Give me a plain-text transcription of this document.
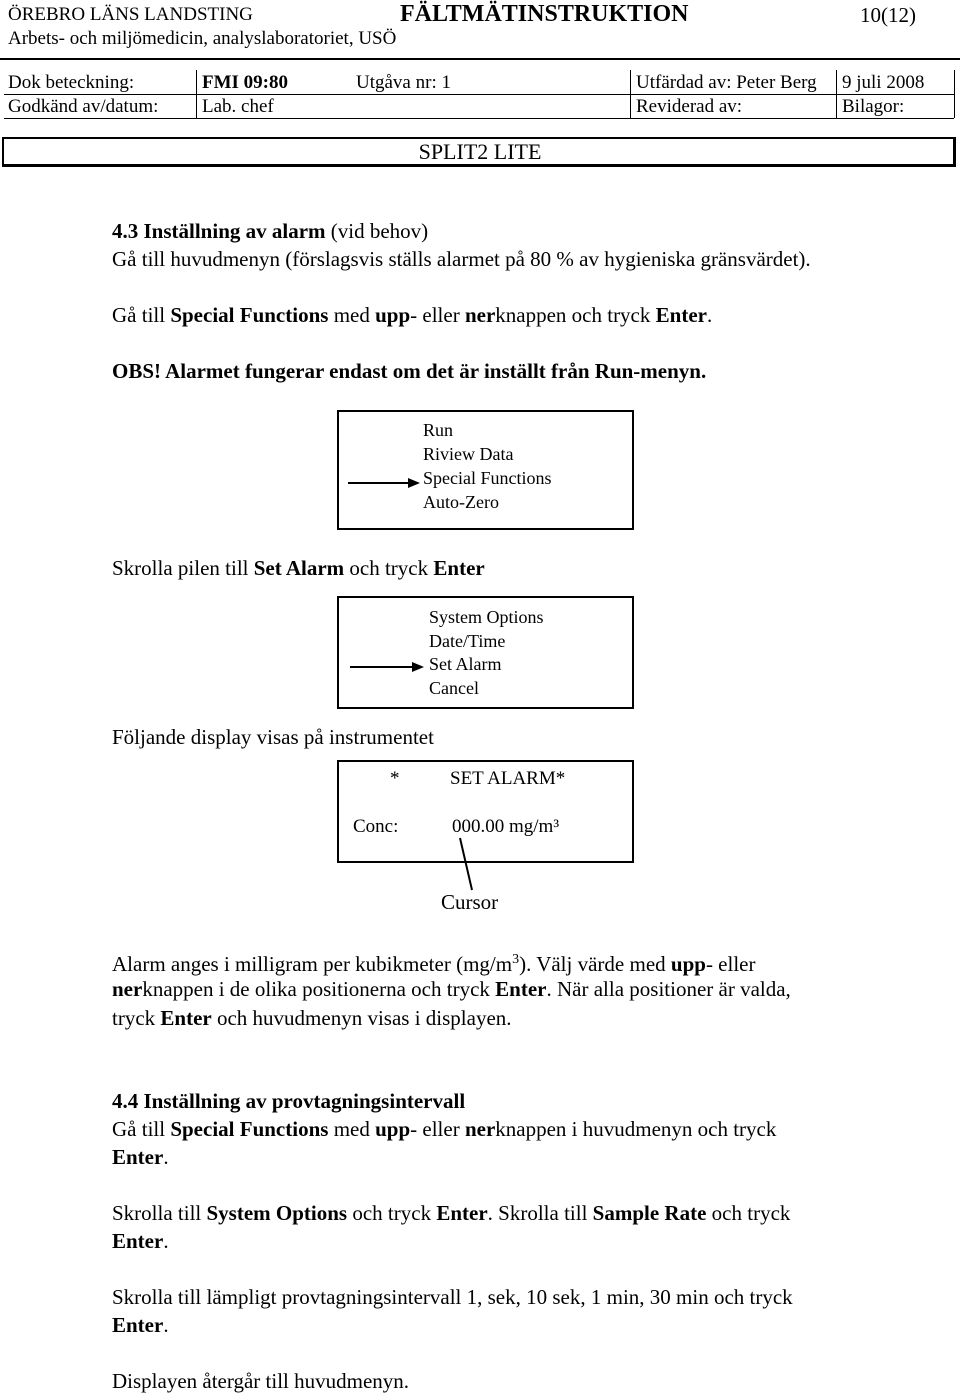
ÖREBRO LÄNS LANDSTING	FÄLTMÄTINSTRUKTION	10(12)
Arbets- och miljömedicin, analyslaboratoriet, USÖ
Dok beteckning:	FMI 09:80	Utgåva nr: 1	Utfärdad av: Peter Berg 9 juli 2008
Godkänd av/datum: Lab. chef	Reviderad av:	Bilagor:
SPLIT2 LITE
4.3 Inställning av alarm (vid behov)
Gå till huvudmenyn (förslagsvis ställs alarmet på 80 % av hygieniska gränsvärdet).
Gå till Special Functions med upp- eller nerknappen och tryck Enter.
OBS! Alarmet fungerar endast om det är inställt från Run-menyn.
Run
Riview Data
Special Functions
Auto-Zero
Skrolla pilen till Set Alarm och tryck Enter
System Options
Date/Time
Set Alarm
Cancel
Följande display visas på instrumentet
*	SET ALARM*
Conc:	000.00 mg/m³
Cursor
Alarm anges i milligram per kubikmeter $(mg/m^3)$. Välj värde med upp- eller
nerknappen i de olika positionerna och tryck Enter. När alla positioner är valda,
tryck Enter och huvudmenyn visas i displayen.
4.4 Inställning av provtagningsintervall
Gå till Special Functions med upp- eller nerknappen i huvudmenyn och tryck
Enter.
Skrolla till System Options och tryck Enter. Skrolla till Sample Rate och tryck
Enter.
Skrolla till lämpligt provtagningsintervall 1, sek, 10 sek, 1 min, 30 min och tryck
Enter.
Displayen återgår till huvudmenyn.
